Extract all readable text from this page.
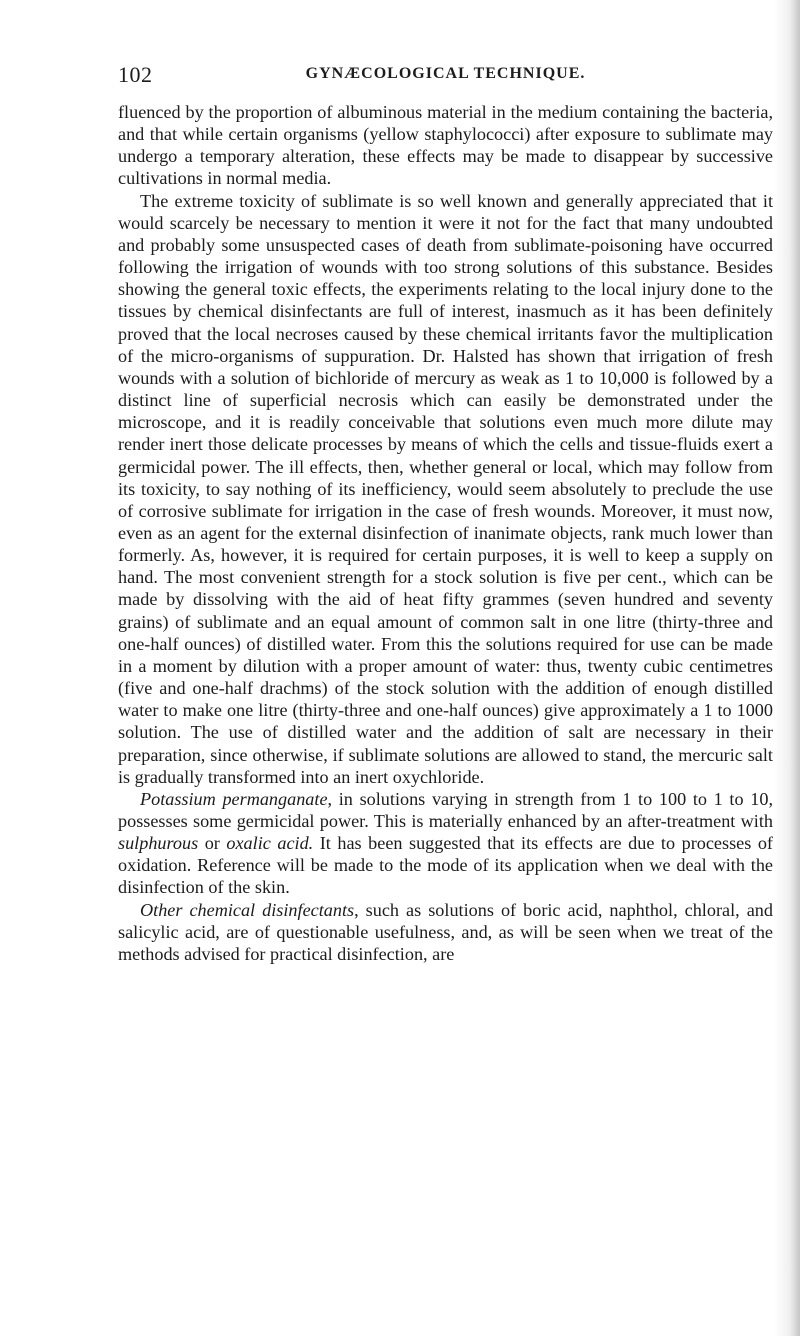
102	GYNÆCOLOGICAL TECHNIQUE.

fluenced by the proportion of albuminous material in the medium containing the bacteria, and that while certain organisms (yellow staphylococci) after exposure to sublimate may undergo a temporary alteration, these effects may be made to disappear by successive cultivations in normal media.

The extreme toxicity of sublimate is so well known and generally appreciated that it would scarcely be necessary to mention it were it not for the fact that many undoubted and probably some unsuspected cases of death from sublimate-poisoning have occurred following the irrigation of wounds with too strong solutions of this substance. Besides showing the general toxic effects, the experiments relating to the local injury done to the tissues by chemical disinfectants are full of interest, inasmuch as it has been definitely proved that the local necroses caused by these chemical irritants favor the multiplication of the micro-organisms of suppuration. Dr. Halsted has shown that irrigation of fresh wounds with a solution of bichloride of mercury as weak as 1 to 10,000 is followed by a distinct line of superficial necrosis which can easily be demonstrated under the microscope, and it is readily conceivable that solutions even much more dilute may render inert those delicate processes by means of which the cells and tissue-fluids exert a germicidal power. The ill effects, then, whether general or local, which may follow from its toxicity, to say nothing of its inefficiency, would seem absolutely to preclude the use of corrosive sublimate for irrigation in the case of fresh wounds. Moreover, it must now, even as an agent for the external disinfection of inanimate objects, rank much lower than formerly. As, however, it is required for certain purposes, it is well to keep a supply on hand. The most convenient strength for a stock solution is five per cent., which can be made by dissolving with the aid of heat fifty grammes (seven hundred and seventy grains) of sublimate and an equal amount of common salt in one litre (thirty-three and one-half ounces) of distilled water. From this the solutions required for use can be made in a moment by dilution with a proper amount of water: thus, twenty cubic centimetres (five and one-half drachms) of the stock solution with the addition of enough distilled water to make one litre (thirty-three and one-half ounces) give approximately a 1 to 1000 solution. The use of distilled water and the addition of salt are necessary in their preparation, since otherwise, if sublimate solutions are allowed to stand, the mercuric salt is gradually transformed into an inert oxychloride.

Potassium permanganate, in solutions varying in strength from 1 to 100 to 1 to 10, possesses some germicidal power. This is materially enhanced by an after-treatment with sulphurous or oxalic acid. It has been suggested that its effects are due to processes of oxidation. Reference will be made to the mode of its application when we deal with the disinfection of the skin.

Other chemical disinfectants, such as solutions of boric acid, naphthol, chloral, and salicylic acid, are of questionable usefulness, and, as will be seen when we treat of the methods advised for practical disinfection, are
